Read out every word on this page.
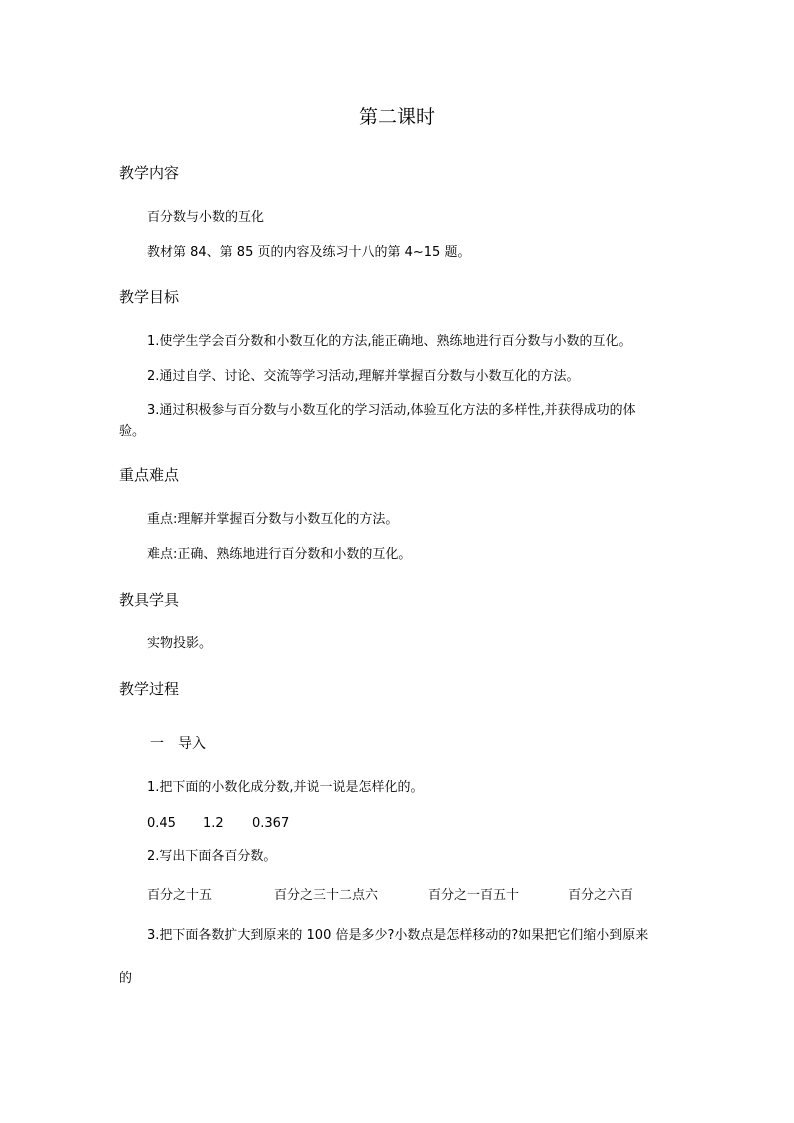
第二课时

教学内容

百分数与小数的互化

教材第 84、第 85 页的内容及练习十八的第 4~15 题。

教学目标

1.使学生学会百分数和小数互化的方法,能正确地、熟练地进行百分数与小数的互化。

2.通过自学、讨论、交流等学习活动,理解并掌握百分数与小数互化的方法。

3.通过积极参与百分数与小数互化的学习活动,体验互化方法的多样性,并获得成功的体

验。

重点难点

重点:理解并掌握百分数与小数互化的方法。

难点:正确、熟练地进行百分数和小数的互化。

教具学具

实物投影。

教学过程

一　导入

1.把下面的小数化成分数,并说一说是怎样化的。

0.45 1.2 0.367

2.写出下面各百分数。

百分之十五	百分之三十二点六	百分之一百五十	百分之六百

3.把下面各数扩大到原来的 100 倍是多少?小数点是怎样移动的?如果把它们缩小到原来

的
